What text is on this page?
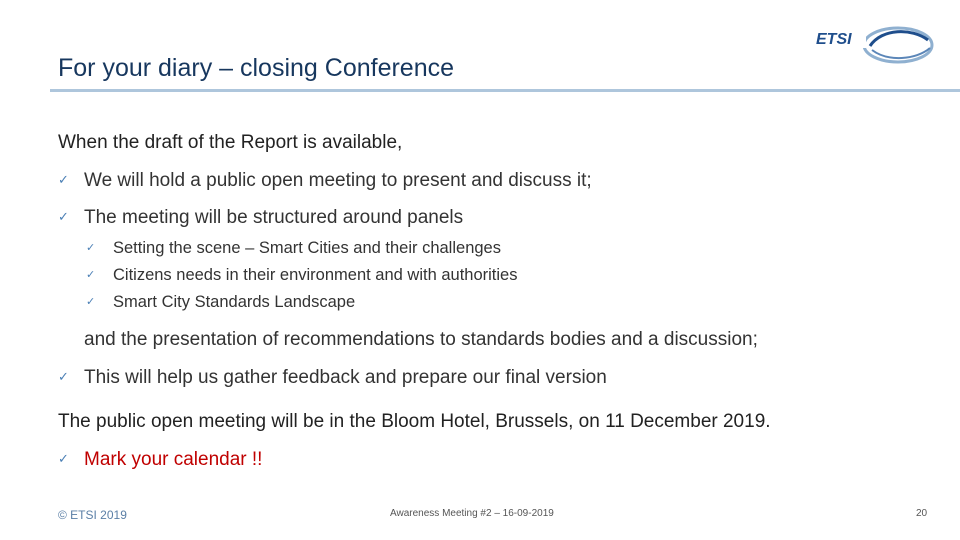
For your diary – closing Conference
ETSI
When the draft of the Report is available,
✓ We will hold a public open meeting to present and discuss it;
✓ The meeting will be structured around panels
✓ Setting the scene – Smart Cities and their challenges
✓ Citizens needs in their environment and with authorities
✓ Smart City Standards Landscape
and the presentation of recommendations to standards bodies and a discussion;
✓ This will help us gather feedback and prepare our final version
The public open meeting will be in the Bloom Hotel, Brussels, on 11 December 2019.
✓ Mark your calendar !!
© ETSI 2019	Awareness Meeting #2 – 16-09-2019	20
